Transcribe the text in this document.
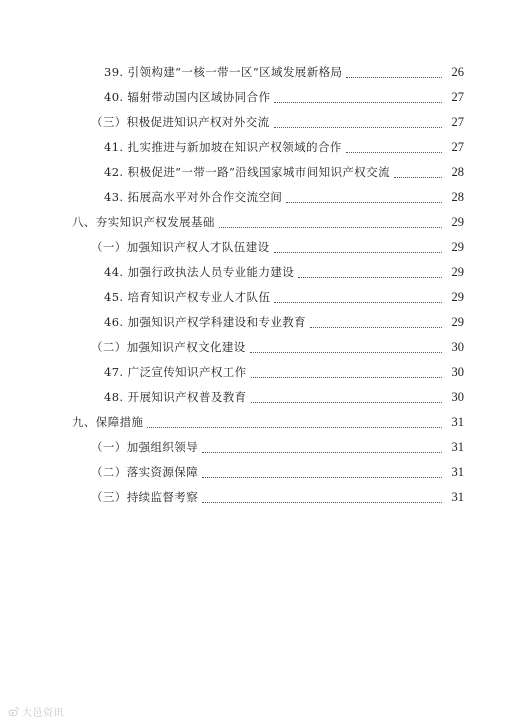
39. 引领构建“一核一带一区”区域发展新格局	26
40. 辐射带动国内区域协同合作	27
（三）积极促进知识产权对外交流	27
41. 扎实推进与新加坡在知识产权领域的合作	27
42. 积极促进“一带一路”沿线国家城市间知识产权交流	28
43. 拓展高水平对外合作交流空间	28
八、夯实知识产权发展基础	29
（一）加强知识产权人才队伍建设	29
44. 加强行政执法人员专业能力建设	29
45. 培育知识产权专业人才队伍	29
46. 加强知识产权学科建设和专业教育	29
（二）加强知识产权文化建设	30
47. 广泛宣传知识产权工作	30
48. 开展知识产权普及教育	30
九、保障措施	31
（一）加强组织领导	31
（二）落实资源保障	31
（三）持续监督考察	31
大邑资讯
